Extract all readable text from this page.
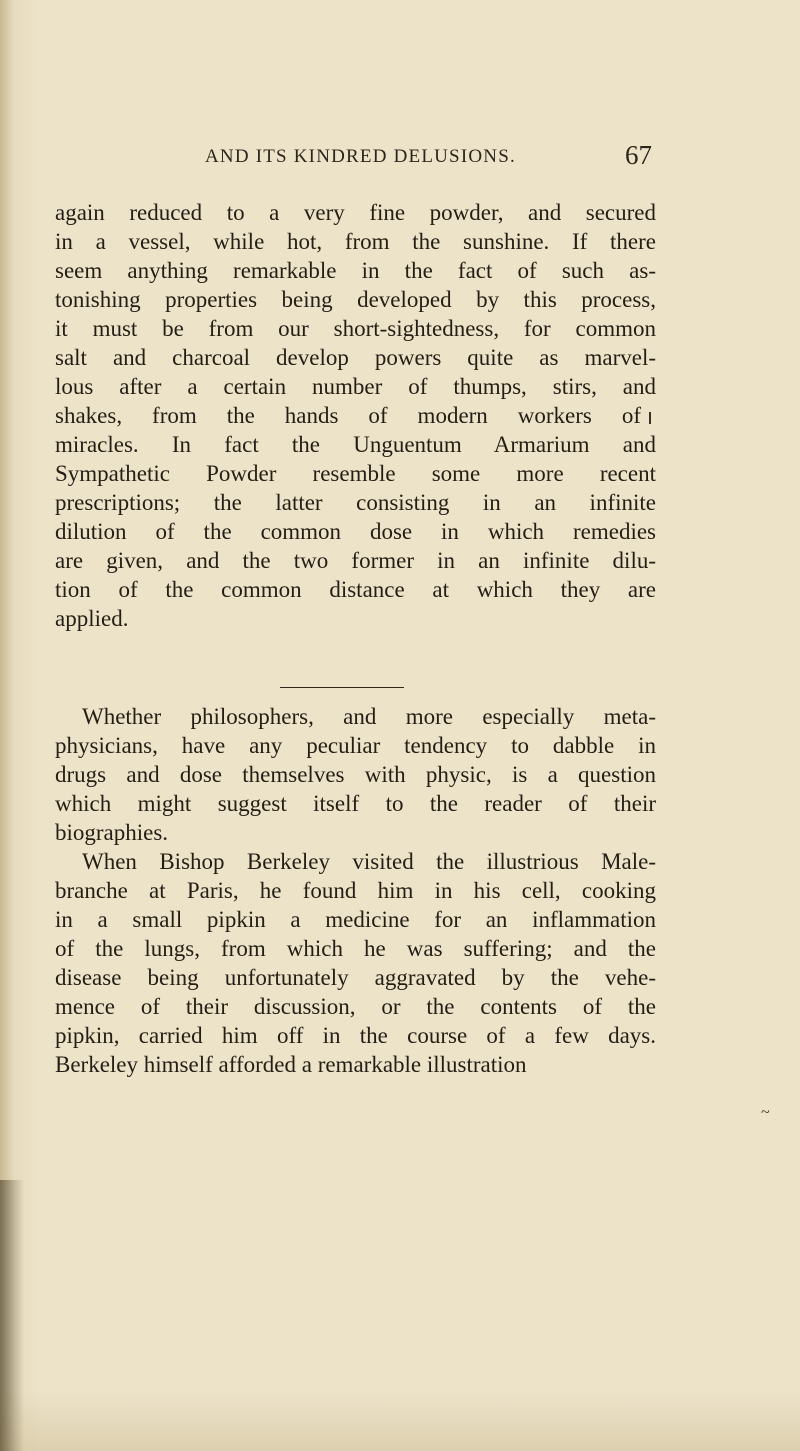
AND ITS KINDRED DELUSIONS.	67
again reduced to a very fine powder, and secured
in a vessel, while hot, from the sunshine. If there
seem anything remarkable in the fact of such as-
tonishing properties being developed by this process,
it must be from our short-sightedness, for common
salt and charcoal develop powers quite as marvel-
lous after a certain number of thumps, stirs, and
shakes, from the hands of modern workers of
miracles. In fact the Unguentum Armarium and
Sympathetic Powder resemble some more recent
prescriptions; the latter consisting in an infinite
dilution of the common dose in which remedies
are given, and the two former in an infinite dilu-
tion of the common distance at which they are
applied.
Whether philosophers, and more especially meta-
physicians, have any peculiar tendency to dabble in
drugs and dose themselves with physic, is a question
which might suggest itself to the reader of their
biographies.
When Bishop Berkeley visited the illustrious Male-
branche at Paris, he found him in his cell, cooking
in a small pipkin a medicine for an inflammation
of the lungs, from which he was suffering; and the
disease being unfortunately aggravated by the vehe-
mence of their discussion, or the contents of the
pipkin, carried him off in the course of a few days.
Berkeley himself afforded a remarkable illustration
~
